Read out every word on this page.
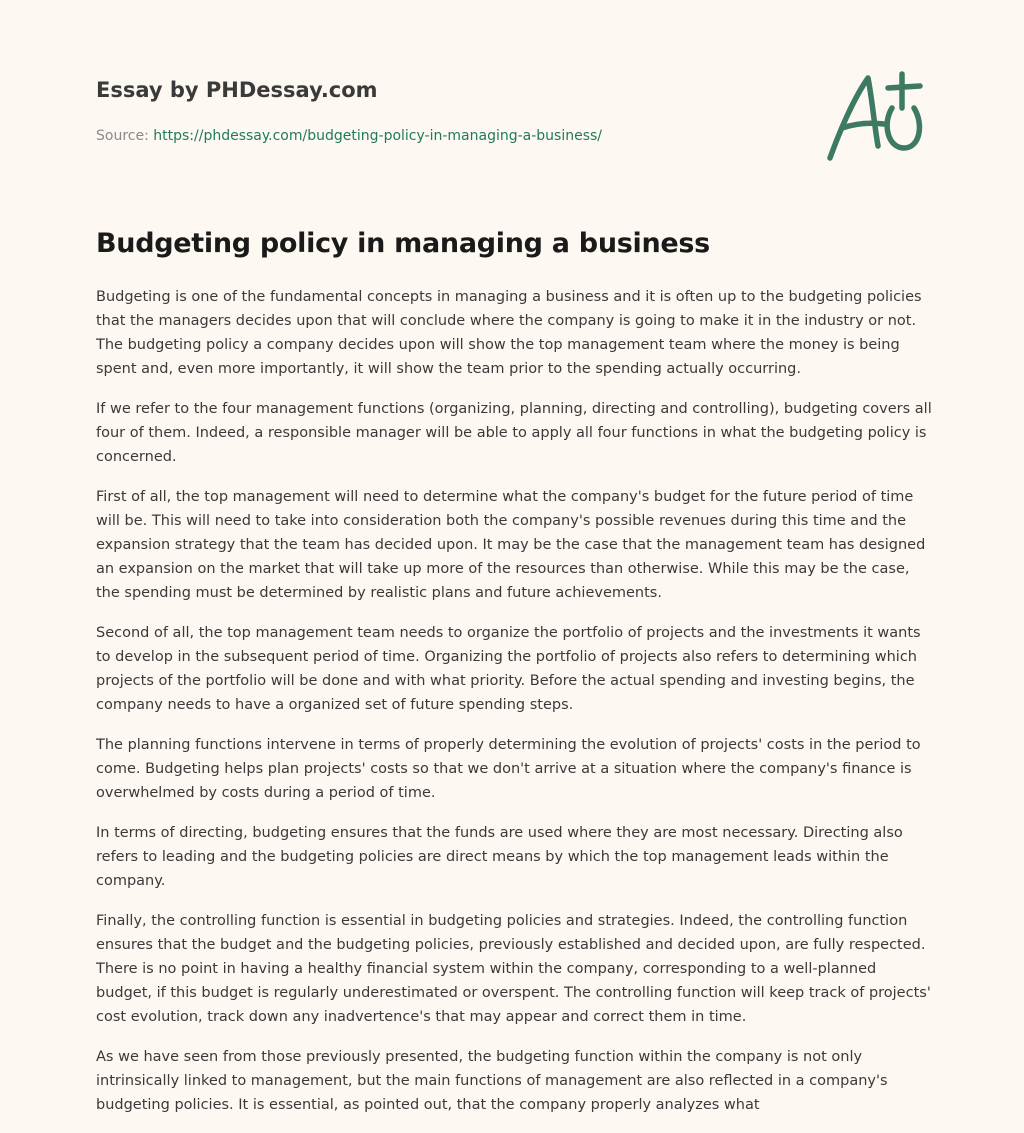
Essay by PHDessay.com
Source: https://phdessay.com/budgeting-policy-in-managing-a-business/
Budgeting policy in managing a business

Budgeting is one of the fundamental concepts in managing a business and it is often up to the budgeting policies that the managers decides upon that will conclude where the company is going to make it in the industry or not. The budgeting policy a company decides upon will show the top management team where the money is being spent and, even more importantly, it will show the team prior to the spending actually occurring.

If we refer to the four management functions (organizing, planning, directing and controlling), budgeting covers all four of them. Indeed, a responsible manager will be able to apply all four functions in what the budgeting policy is concerned.

First of all, the top management will need to determine what the company's budget for the future period of time will be. This will need to take into consideration both the company's possible revenues during this time and the expansion strategy that the team has decided upon. It may be the case that the management team has designed an expansion on the market that will take up more of the resources than otherwise. While this may be the case, the spending must be determined by realistic plans and future achievements.

Second of all, the top management team needs to organize the portfolio of projects and the investments it wants to develop in the subsequent period of time. Organizing the portfolio of projects also refers to determining which projects of the portfolio will be done and with what priority. Before the actual spending and investing begins, the company needs to have a organized set of future spending steps.

The planning functions intervene in terms of properly determining the evolution of projects' costs in the period to come. Budgeting helps plan projects' costs so that we don't arrive at a situation where the company's finance is overwhelmed by costs during a period of time.

In terms of directing, budgeting ensures that the funds are used where they are most necessary. Directing also refers to leading and the budgeting policies are direct means by which the top management leads within the company.

Finally, the controlling function is essential in budgeting policies and strategies. Indeed, the controlling function ensures that the budget and the budgeting policies, previously established and decided upon, are fully respected. There is no point in having a healthy financial system within the company, corresponding to a well-planned budget, if this budget is regularly underestimated or overspent. The controlling function will keep track of projects' cost evolution, track down any inadvertence's that may appear and correct them in time.

As we have seen from those previously presented, the budgeting function within the company is not only intrinsically linked to management, but the main functions of management are also reflected in a company's budgeting policies. It is essential, as pointed out, that the company properly analyzes what
